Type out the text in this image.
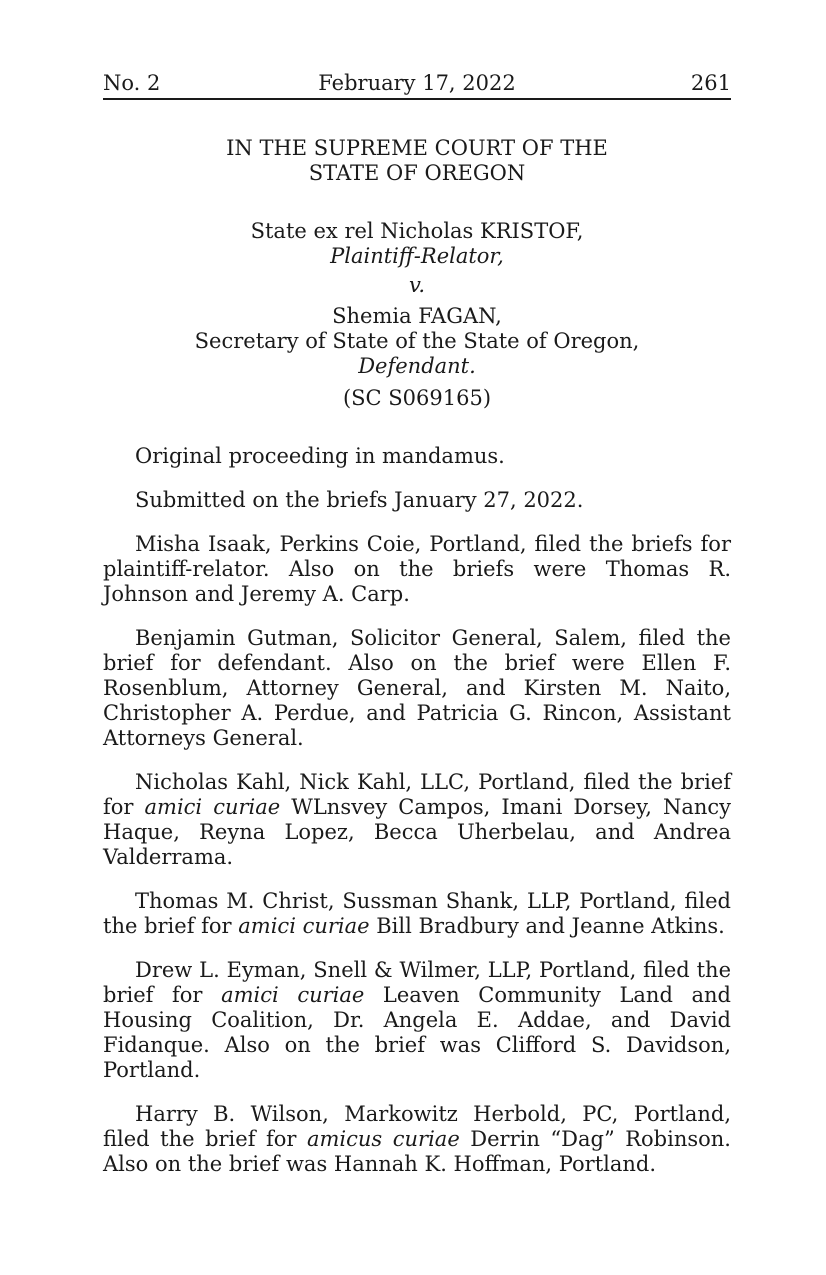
No. 2	February 17, 2022	261
IN THE SUPREME COURT OF THE
STATE OF OREGON
State ex rel Nicholas KRISTOF,
Plaintiff-Relator,
v.
Shemia FAGAN,
Secretary of State of the State of Oregon,
Defendant.
(SC S069165)

Original proceeding in mandamus.

Submitted on the briefs January 27, 2022.

Misha Isaak, Perkins Coie, Portland, filed the briefs for plaintiff-relator. Also on the briefs were Thomas R. Johnson and Jeremy A. Carp.

Benjamin Gutman, Solicitor General, Salem, filed the brief for defendant. Also on the brief were Ellen F. Rosenblum, Attorney General, and Kirsten M. Naito, Christopher A. Perdue, and Patricia G. Rincon, Assistant Attorneys General.

Nicholas Kahl, Nick Kahl, LLC, Portland, filed the brief for amici curiae WLnsvey Campos, Imani Dorsey, Nancy Haque, Reyna Lopez, Becca Uherbelau, and Andrea Valderrama.

Thomas M. Christ, Sussman Shank, LLP, Portland, filed the brief for amici curiae Bill Bradbury and Jeanne Atkins.

Drew L. Eyman, Snell & Wilmer, LLP, Portland, filed the brief for amici curiae Leaven Community Land and Housing Coalition, Dr. Angela E. Addae, and David Fidanque. Also on the brief was Clifford S. Davidson, Portland.

Harry B. Wilson, Markowitz Herbold, PC, Portland, filed the brief for amicus curiae Derrin “Dag” Robinson. Also on the brief was Hannah K. Hoffman, Portland.
